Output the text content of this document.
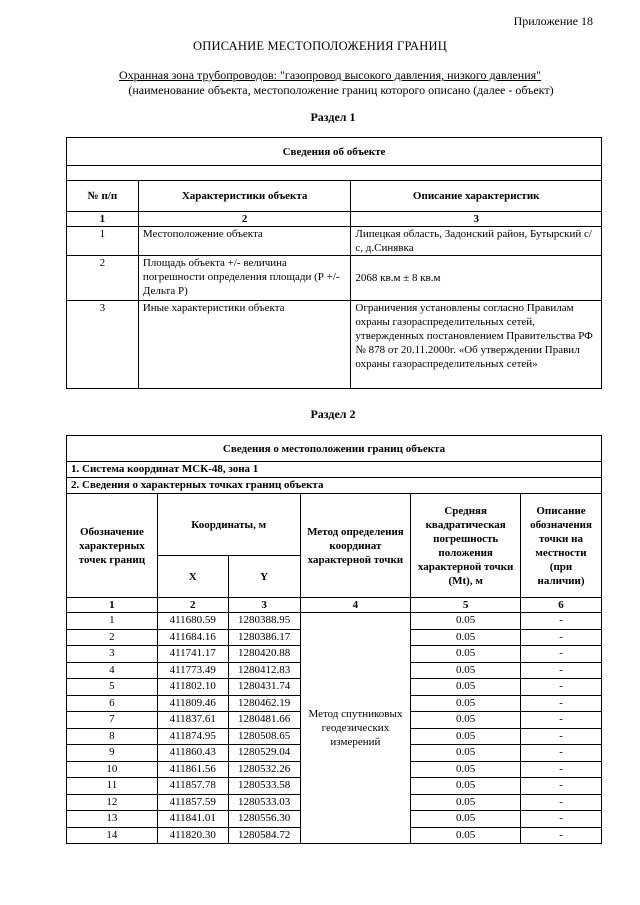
Приложение 18
ОПИСАНИЕ МЕСТОПОЛОЖЕНИЯ ГРАНИЦ
Охранная зона трубопроводов: "газопровод высокого давления, низкого давления"
(наименование объекта, местоположение границ которого описано (далее - объект)
Раздел 1
Сведения об объекте		

№ п/п	Характеристики объекта	Описание характеристик
1	2	3
1	Местоположение объекта	Липецкая область, Задонский район, Бутырский с/с, д.Синявка
2	Площадь объекта +/- величина погрешности определения площади (Р +/- Дельта Р)	2068 кв.м ± 8 кв.м
3	Иные характеристики объекта	Ограничения установлены согласно Правилам охраны газораспределительных сетей, утвержденных постановлением Правительства РФ № 878 от 20.11.2000г. «Об утверждении Правил охраны газораспределительных сетей»
Раздел 2
Сведения о местоположении границ объекта					
1. Система координат МСК-48, зона 1					
2. Сведения о характерных точках границ объекта					
Обозначение характерных точек границ	Координаты, м		Метод определения координат характерной точки	Средняя квадратическая погрешность положения характерной точки (Mt), м	Описание обозначения точки на местности (при наличии)
	X	Y			
1	2	3	4	5	6
1	411680.59	1280388.95	Метод спутниковых геодезических измерений	0.05	-
2	411684.16	1280386.17		0.05	-
3	411741.17	1280420.88		0.05	-
4	411773.49	1280412.83		0.05	-
5	411802.10	1280431.74		0.05	-
6	411809.46	1280462.19		0.05	-
7	411837.61	1280481.66		0.05	-
8	411874.95	1280508.65		0.05	-
9	411860.43	1280529.04		0.05	-
10	411861.56	1280532.26		0.05	-
11	411857.78	1280533.58		0.05	-
12	411857.59	1280533.03		0.05	-
13	411841.01	1280556.30		0.05	-
14	411820.30	1280584.72		0.05	-
